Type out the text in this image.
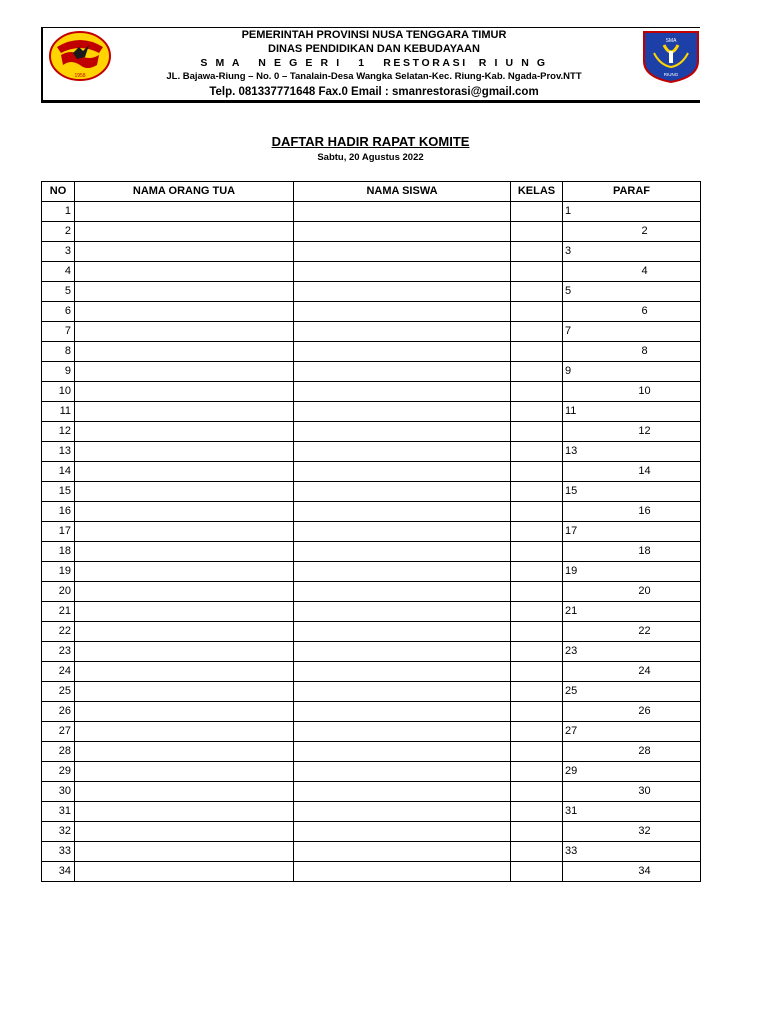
1958
PEMERINTAH PROVINSI NUSA TENGGARA TIMUR
DINAS PENDIDIKAN DAN KEBUDAYAAN
S M A   N E G E R I   1   RESTORASI  R I U N G
JL. Bajawa-Riung – No. 0 – Tanalain-Desa Wangka Selatan-Kec. Riung-Kab. Ngada-Prov.NTT
Telp. 081337771648 Fax.0 Email : smanrestorasi@gmail.com
SMA
RIUNG
DAFTAR HADIR RAPAT KOMITE
Sabtu, 20 Agustus 2022
NO	NAMA ORANG TUA	NAMA SISWA	KELAS	PARAF
1				1
2				2
3				3
4				4
5				5
6				6
7				7
8				8
9				9
10				10
11				11
12				12
13				13
14				14
15				15
16				16
17				17
18				18
19				19
20				20
21				21
22				22
23				23
24				24
25				25
26				26
27				27
28				28
29				29
30				30
31				31
32				32
33				33
34				34
